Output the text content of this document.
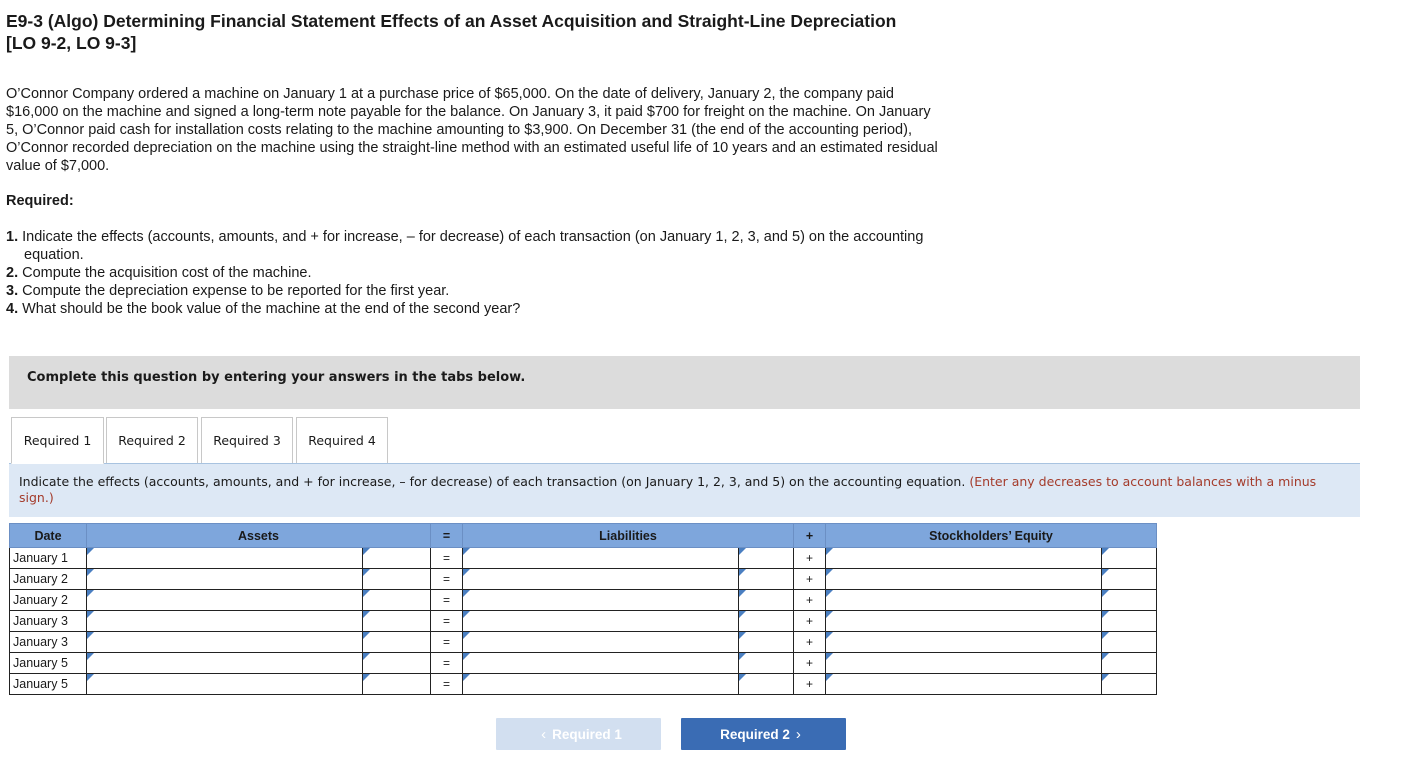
E9-3 (Algo) Determining Financial Statement Effects of an Asset Acquisition and Straight-Line Depreciation [LO 9-2, LO 9-3]
O’Connor Company ordered a machine on January 1 at a purchase price of $65,000. On the date of delivery, January 2, the company paid $16,000 on the machine and signed a long-term note payable for the balance. On January 3, it paid $700 for freight on the machine. On January 5, O’Connor paid cash for installation costs relating to the machine amounting to $3,900. On December 31 (the end of the accounting period), O’Connor recorded depreciation on the machine using the straight-line method with an estimated useful life of 10 years and an estimated residual value of $7,000.
Required:
1. Indicate the effects (accounts, amounts, and + for increase, – for decrease) of each transaction (on January 1, 2, 3, and 5) on the accounting equation.
2. Compute the acquisition cost of the machine.
3. Compute the depreciation expense to be reported for the first year.
4. What should be the book value of the machine at the end of the second year?
Complete this question by entering your answers in the tabs below.
Required 1	Required 2	Required 3	Required 4
Indicate the effects (accounts, amounts, and + for increase, – for decrease) of each transaction (on January 1, 2, 3, and 5) on the accounting equation. (Enter any decreases to account balances with a minus sign.)
Date	Assets		=	Liabilities		+	Stockholders’ Equity	
January 1			=			+		
January 2			=			+		
January 2			=			+		
January 3			=			+		
January 3			=			+		
January 5			=			+		
January 5			=			+		
‹ Required 1	Required 2 ›
